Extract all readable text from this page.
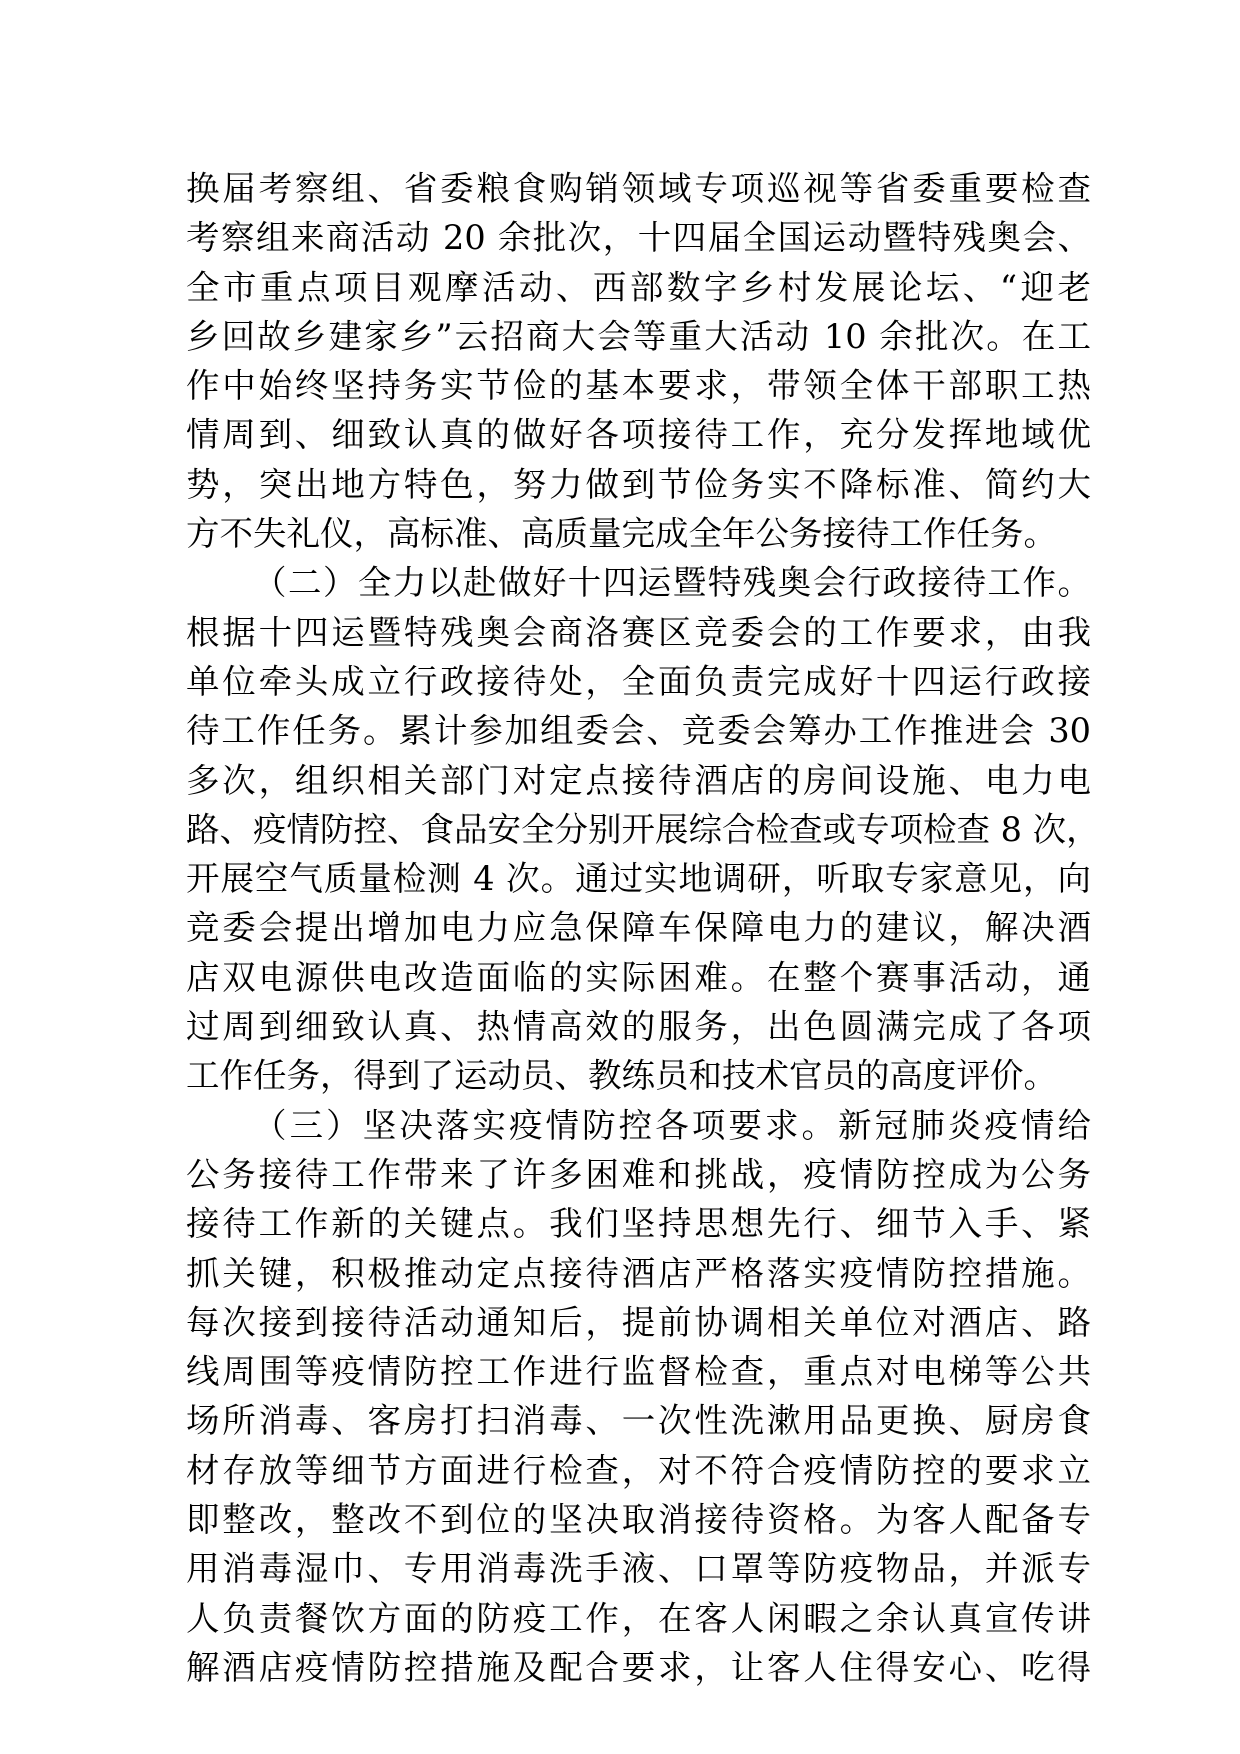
换届考察组、省委粮食购销领域专项巡视等省委重要检查
考察组来商活动 20 余批次，十四届全国运动暨特残奥会、
全市重点项目观摩活动、西部数字乡村发展论坛、“迎老
乡回故乡建家乡”云招商大会等重大活动 10 余批次。在工
作中始终坚持务实节俭的基本要求，带领全体干部职工热
情周到、细致认真的做好各项接待工作，充分发挥地域优
势，突出地方特色，努力做到节俭务实不降标准、简约大
方不失礼仪，高标准、高质量完成全年公务接待工作任务。
（二）全力以赴做好十四运暨特残奥会行政接待工作。
根据十四运暨特残奥会商洛赛区竞委会的工作要求，由我
单位牵头成立行政接待处，全面负责完成好十四运行政接
待工作任务。累计参加组委会、竞委会筹办工作推进会 30
多次，组织相关部门对定点接待酒店的房间设施、电力电
路、疫情防控、食品安全分别开展综合检查或专项检查 8 次，
开展空气质量检测 4 次。通过实地调研，听取专家意见，向
竞委会提出增加电力应急保障车保障电力的建议，解决酒
店双电源供电改造面临的实际困难。在整个赛事活动，通
过周到细致认真、热情高效的服务，出色圆满完成了各项
工作任务，得到了运动员、教练员和技术官员的高度评价。
（三）坚决落实疫情防控各项要求。新冠肺炎疫情给
公务接待工作带来了许多困难和挑战，疫情防控成为公务
接待工作新的关键点。我们坚持思想先行、细节入手、紧
抓关键，积极推动定点接待酒店严格落实疫情防控措施。
每次接到接待活动通知后，提前协调相关单位对酒店、路
线周围等疫情防控工作进行监督检查，重点对电梯等公共
场所消毒、客房打扫消毒、一次性洗漱用品更换、厨房食
材存放等细节方面进行检查，对不符合疫情防控的要求立
即整改，整改不到位的坚决取消接待资格。为客人配备专
用消毒湿巾、专用消毒洗手液、口罩等防疫物品，并派专
人负责餐饮方面的防疫工作，在客人闲暇之余认真宣传讲
解酒店疫情防控措施及配合要求，让客人住得安心、吃得
